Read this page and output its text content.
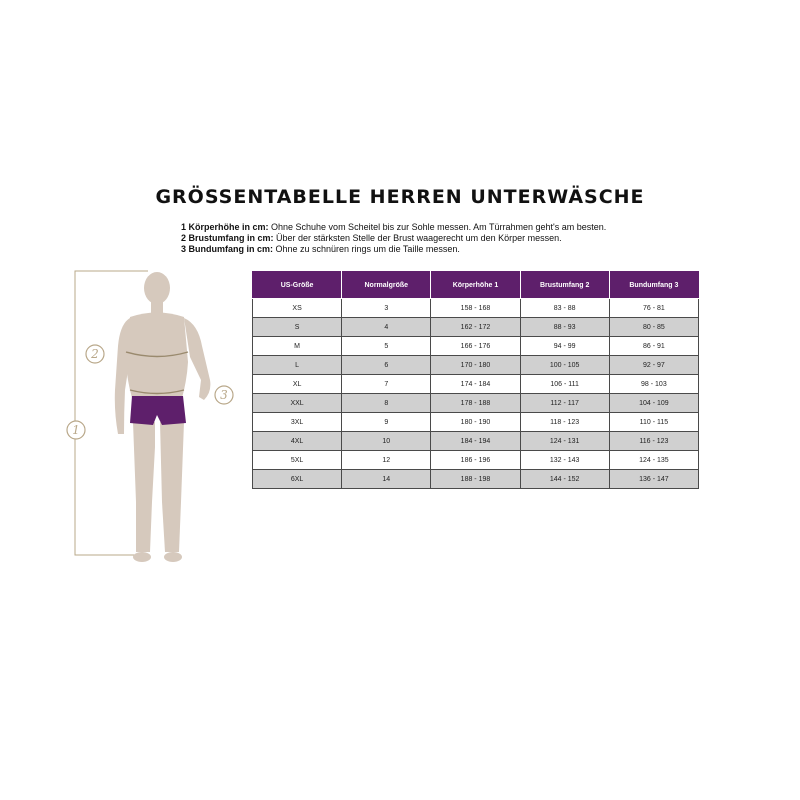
GRÖSSENTABELLE HERREN UNTERWÄSCHE
1 Körperhöhe in cm: Ohne Schuhe vom Scheitel bis zur Sohle messen. Am Türrahmen geht's am besten.
2 Brustumfang in cm: Über der stärksten Stelle der Brust waagerecht um den Körper messen.
3 Bundumfang in cm: Ohne zu schnüren rings um die Taille messen.
1
2
3
US-Größe	Normalgröße	Körperhöhe 1	Brustumfang 2	Bundumfang 3
XS	3	158 - 168	83 - 88	76 - 81
S	4	162 - 172	88 - 93	80 - 85
M	5	166 - 176	94 - 99	86 - 91
L	6	170 - 180	100 - 105	92 - 97
XL	7	174 - 184	106 - 111	98 - 103
XXL	8	178 - 188	112 - 117	104 - 109
3XL	9	180 - 190	118 - 123	110 - 115
4XL	10	184 - 194	124 - 131	116 - 123
5XL	12	186 - 196	132 - 143	124 - 135
6XL	14	188 - 198	144 - 152	136 - 147
